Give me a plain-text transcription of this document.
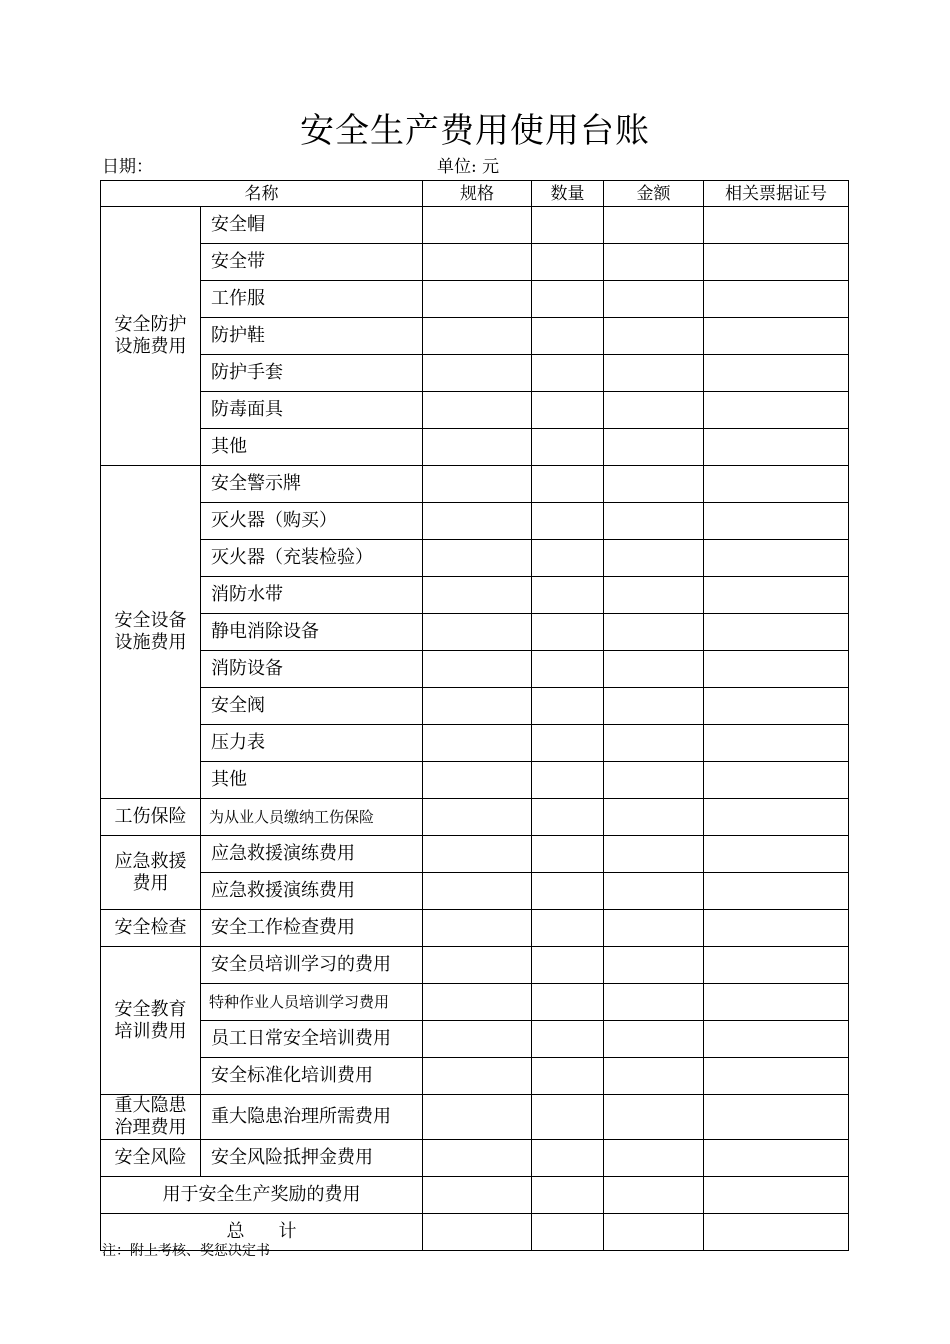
安全生产费用使用台账
日期：	单位: 元
名称		规格	数量	金额	相关票据证号
安全防护
设施费用	安全帽				
	安全带				
	工作服				
	防护鞋				
	防护手套				
	防毒面具				
	其他				
安全设备
设施费用	安全警示牌				
	灭火器（购买）				
	灭火器（充装检验）				
	消防水带				
	静电消除设备				
	消防设备				
	安全阀				
	压力表				
	其他				
工伤保险	为从业人员缴纳工伤保险				
应急救援
费用	应急救援演练费用				
	应急救援演练费用				
安全检查	安全工作检查费用				
安全教育
培训费用	安全员培训学习的费用				
	特种作业人员培训学习费用				
	员工日常安全培训费用				
	安全标准化培训费用				
重大隐患
治理费用	重大隐患治理所需费用				
安全风险	安全风险抵押金费用				
用于安全生产奖励的费用					
总 计					
注：附上考核、奖惩决定书
